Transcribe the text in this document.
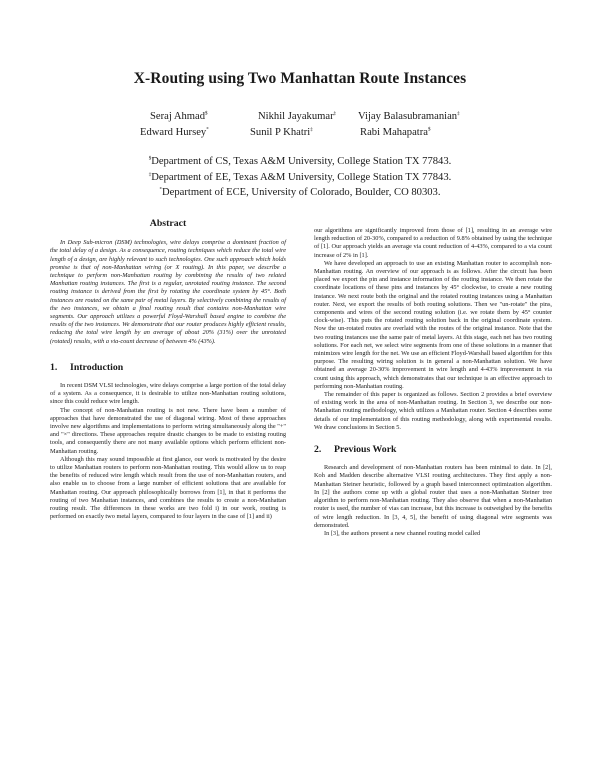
X-Routing using Two Manhattan Route Instances
Seraj Ahmad$	Nikhil Jayakumar‡ Vijay Balasubramanian‡
Edward Hursey*	Sunil P Khatri‡	Rabi Mahapatra$
$Department of CS, Texas A&M University, College Station TX 77843.
‡Department of EE, Texas A&M University, College Station TX 77843.
*Department of ECE, University of Colorado, Boulder, CO 80303.
Abstract

In Deep Sub-micron (DSM) technologies, wire delays comprise a dominant fraction of the total delay of a design. As a consequence, routing techniques which reduce the total wire length of a design, are highly relevant to such technologies. One such approach which holds promise is that of non-Manhattan wiring (or X routing). In this paper, we describe a technique to perform non-Manhattan routing by combining the results of two related Manhattan routing instances. The first is a regular, unrotated routing instance. The second routing instance is derived from the first by rotating the coordinate system by 45°. Both instances are routed on the same pair of metal layers. By selectively combining the results of the two instances, we obtain a final routing result that contains non-Manhattan wire segments. Our approach utilizes a powerful Floyd-Warshall based engine to combine the results of the two instances. We demonstrate that our router produces highly efficient results, reducing the total wire length by an average of about 20% (31%) over the unrotated (rotated) results, with a via-count decrease of between 4% (43%).

1. Introduction

In recent DSM VLSI technologies, wire delays comprise a large portion of the total delay of a system. As a consequence, it is desirable to utilize non-Manhattan routing solutions, since this could reduce wire length.

The concept of non-Manhattan routing is not new. There have been a number of approaches that have demonstrated the use of diagonal wiring. Most of these approaches involve new algorithms and implementations to perform wiring simultaneously along the "+" and "×" directions. These approaches require drastic changes to be made to existing routing tools, and consequently there are not many available options which perform efficient non-Manhattan routing.

Although this may sound impossible at first glance, our work is motivated by the desire to utilize Manhattan routers to perform non-Manhattan routing. This would allow us to reap the benefits of reduced wire length which result from the use of non-Manhattan routers, and also enable us to choose from a large number of efficient solutions that are available for Manhattan routing. Our approach philosophically borrows from [1], in that it performs the routing of two Manhattan instances, and combines the results to create a non-Manhattan routing result. The differences in these works are two fold i) in our work, routing is performed on exactly two metal layers, compared to four layers in the case of [1] and ii)

our algorithms are significantly improved from those of [1], resulting in an average wire length reduction of 20-30%, compared to a reduction of 9.8% obtained by using the technique of [1]. Our approach yields an average via count reduction of 4-43%, compared to a via count increase of 2% in [1].

We have developed an approach to use an existing Manhattan router to accomplish non-Manhattan routing. An overview of our approach is as follows. After the circuit has been placed we export the pin and instance information of the routing instance. We then rotate the coordinate locations of these pins and instances by 45° clockwise, to create a new routing instance. We next route both the original and the rotated routing instances using a Manhattan router. Next, we export the results of both routing solutions. Then we "un-rotate" the pins, components and wires of the second routing solution (i.e. we rotate them by 45° counter clock-wise). This puts the rotated routing solution back in the original coordinate system. Now the un-rotated routes are overlaid with the routes of the original instance. Note that the two routing instances use the same pair of metal layers. At this stage, each net has two routing solutions. For each net, we select wire segments from one of these solutions in a manner that minimizes wire length for the net. We use an efficient Floyd-Warshall based algorithm for this purpose. The resulting wiring solution is in general a non-Manhattan solution. We have obtained an average 20-30% improvement in wire length and 4-43% improvement in via count using this approach, which demonstrates that our technique is an effective approach to performing non-Manhattan routing.

The remainder of this paper is organized as follows. Section 2 provides a brief overview of existing work in the area of non-Manhattan routing. In Section 3, we describe our non-Manhattan routing methodology, which utilizes a Manhattan router. Section 4 describes some details of our implementation of this routing methodology, along with experimental results. We draw conclusions in Section 5.

2. Previous Work

Research and development of non-Manhattan routers has been minimal to date. In [2], Koh and Madden describe alternative VLSI routing architectures. They first apply a non-Manhattan Steiner heuristic, followed by a graph based interconnect optimization algorithm. In [2] the authors come up with a global router that uses a non-Manhattan Steiner tree algorithm to perform non-Manhattan routing. They also observe that when a non-Manhattan router is used, the number of vias can increase, but this increase is outweighed by the benefits of wire length reduction. In [3, 4, 5], the benefit of using diagonal wire segments was demonstrated.

In [3], the authors present a new channel routing model called
